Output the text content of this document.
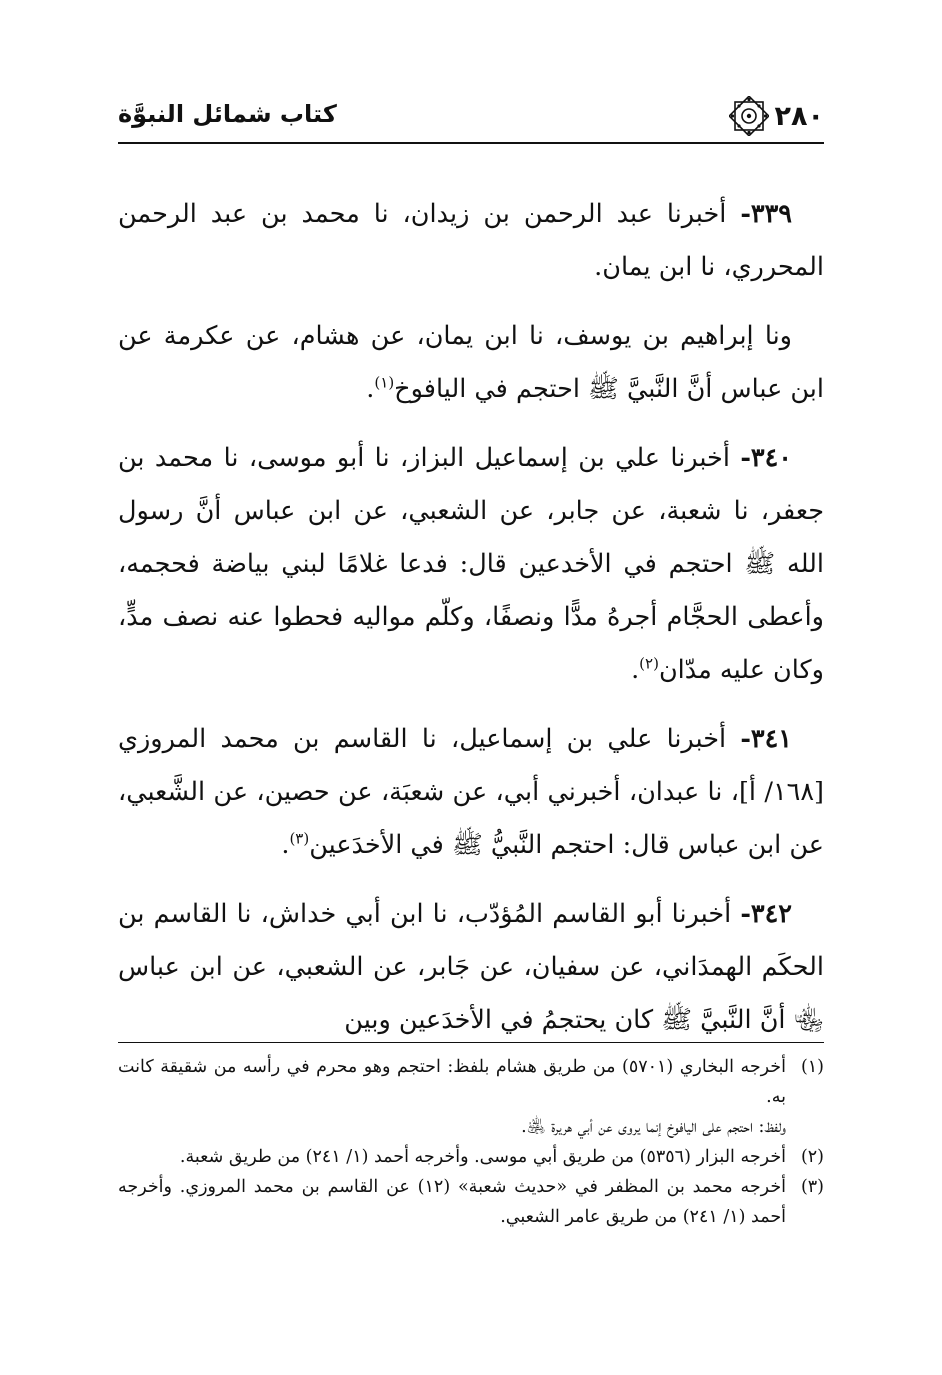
٢٨٠
كتاب شمائل النبوَّة

٣٣٩- أخبرنا عبد الرحمن بن زيدان، نا محمد بن عبد الرحمن المحرري، نا ابن يمان.

ونا إبراهيم بن يوسف، نا ابن يمان، عن هشام، عن عكرمة عن ابن عباس أنَّ النَّبيَّ ﷺ احتجم في اليافوخ$^{(١)}$.

٣٤٠- أخبرنا علي بن إسماعيل البزاز، نا أبو موسى، نا محمد بن جعفر، نا شعبة، عن جابر، عن الشعبي، عن ابن عباس أنَّ رسول الله ﷺ احتجم في الأخدعين قال: فدعا غلامًا لبني بياضة فحجمه، وأعطى الحجَّام أجرهُ مدًّا ونصفًا، وكلّم مواليه فحطوا عنه نصف مدٍّ، وكان عليه مدّان$^{(٢)}$.

٣٤١- أخبرنا علي بن إسماعيل، نا القاسم بن محمد المروزي [١٦٨/ أ]، نا عبدان، أخبرني أبي، عن شعبَة، عن حصين، عن الشَّعبي، عن ابن عباس قال: احتجم النَّبيُّ ﷺ في الأخدَعين$^{(٣)}$.

٣٤٢- أخبرنا أبو القاسم المُؤدّب، نا ابن أبي خداش، نا القاسم بن الحكَم الهمدَاني، عن سفيان، عن جَابر، عن الشعبي، عن ابن عباس ﵄ أنَّ النَّبيَّ ﷺ كان يحتجمُ في الأخدَعين وبين

(١)
أخرجه البخاري (٥٧٠١) من طريق هشام بلفظ: احتجم وهو محرم في رأسه من شقيقة كانت به.
ولفظ: احتجم على اليافوخ إنما يروى عن أبي هريرة ﵁.
(٢)
أخرجه البزار (٥٣٥٦) من طريق أبي موسى. وأخرجه أحمد (١/ ٢٤١) من طريق شعبة.
(٣)
أخرجه محمد بن المظفر في «حديث شعبة» (١٢) عن القاسم بن محمد المروزي. وأخرجه أحمد (١/ ٢٤١) من طريق عامر الشعبي.
